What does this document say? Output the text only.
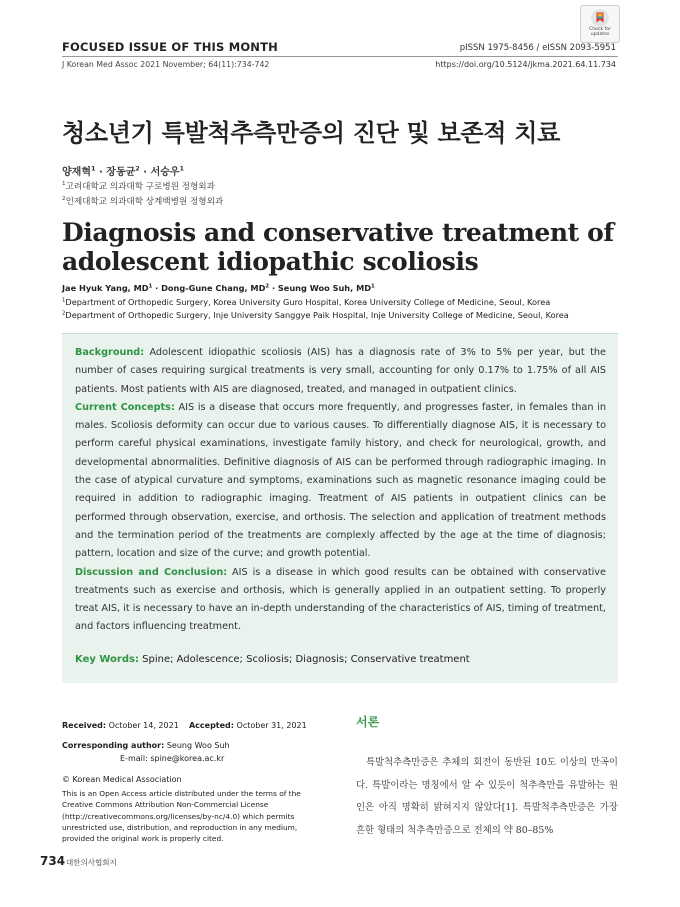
FOCUSED ISSUE OF THIS MONTH
J Korean Med Assoc 2021 November; 64(11):734-742
pISSN 1975-8456 / eISSN 2093-5951
https://doi.org/10.5124/jkma.2021.64.11.734
Check for
updates
청소년기 특발척추측만증의 진단 및 보존적 치료
양재혁$^1$ · 장동균$^2$ · 서승우$^1$
$^1$고려대학교 의과대학 구로병원 정형외과
$^2$인제대학교 의과대학 상계백병원 정형외과
Diagnosis and conservative treatment of
adolescent idiopathic scoliosis
Jae Hyuk Yang, $MD^1$ · Dong-Gune Chang, $MD^2$ · Seung Woo Suh, $MD^1$
$^1$Department of Orthopedic Surgery, Korea University Guro Hospital, Korea University College of Medicine, Seoul, Korea
$^2$Department of Orthopedic Surgery, Inje University Sanggye Paik Hospital, Inje University College of Medicine, Seoul, Korea

Background: Adolescent idiopathic scoliosis (AIS) has a diagnosis rate of 3% to 5% per year, but the number of cases requiring surgical treatments is very small, accounting for only 0.17% to 1.75% of all AIS patients. Most patients with AIS are diagnosed, treated, and managed in outpatient clinics.

Current Concepts: AIS is a disease that occurs more frequently, and progresses faster, in females than in males. Scoliosis deformity can occur due to various causes. To differentially diagnose AIS, it is necessary to perform careful physical examinations, investigate family history, and check for neurological, growth, and developmental abnormalities. Definitive diagnosis of AIS can be performed through radiographic imaging. In the case of atypical curvature and symptoms, examinations such as magnetic resonance imaging could be required in addition to radiographic imaging. Treatment of AIS patients in outpatient clinics can be performed through observation, exercise, and orthosis. The selection and application of treatment methods and the termination period of the treatments are complexly affected by the age at the time of diagnosis; pattern, location and size of the curve; and growth potential.

Discussion and Conclusion: AIS is a disease in which good results can be obtained with conservative treatments such as exercise and orthosis, which is generally applied in an outpatient setting. To properly treat AIS, it is necessary to have an in-depth understanding of the characteristics of AIS, timing of treatment, and factors influencing treatment.

Key Words: Spine; Adolescence; Scoliosis; Diagnosis; Conservative treatment
Received: October 14, 2021 Accepted: October 31, 2021
Corresponding author: Seung Woo Suh
E-mail: spine@korea.ac.kr
© Korean Medical Association
This is an Open Access article distributed under the terms of the Creative Commons Attribution Non-Commercial License (http://creativecommons.org/licenses/by-nc/4.0) which permits unrestricted use, distribution, and reproduction in any medium, provided the original work is properly cited.
서론
특발척추측만증은 추체의 회전이 동반된 10도 이상의 만곡이다. 특발이라는 명칭에서 알 수 있듯이 척추측만을 유발하는 원인은 아직 명확히 밝혀지지 않았다[1]. 특발척추측만증은 가장 흔한 형태의 척추측만증으로 전체의 약 80–85%
734 대한의사협회지
